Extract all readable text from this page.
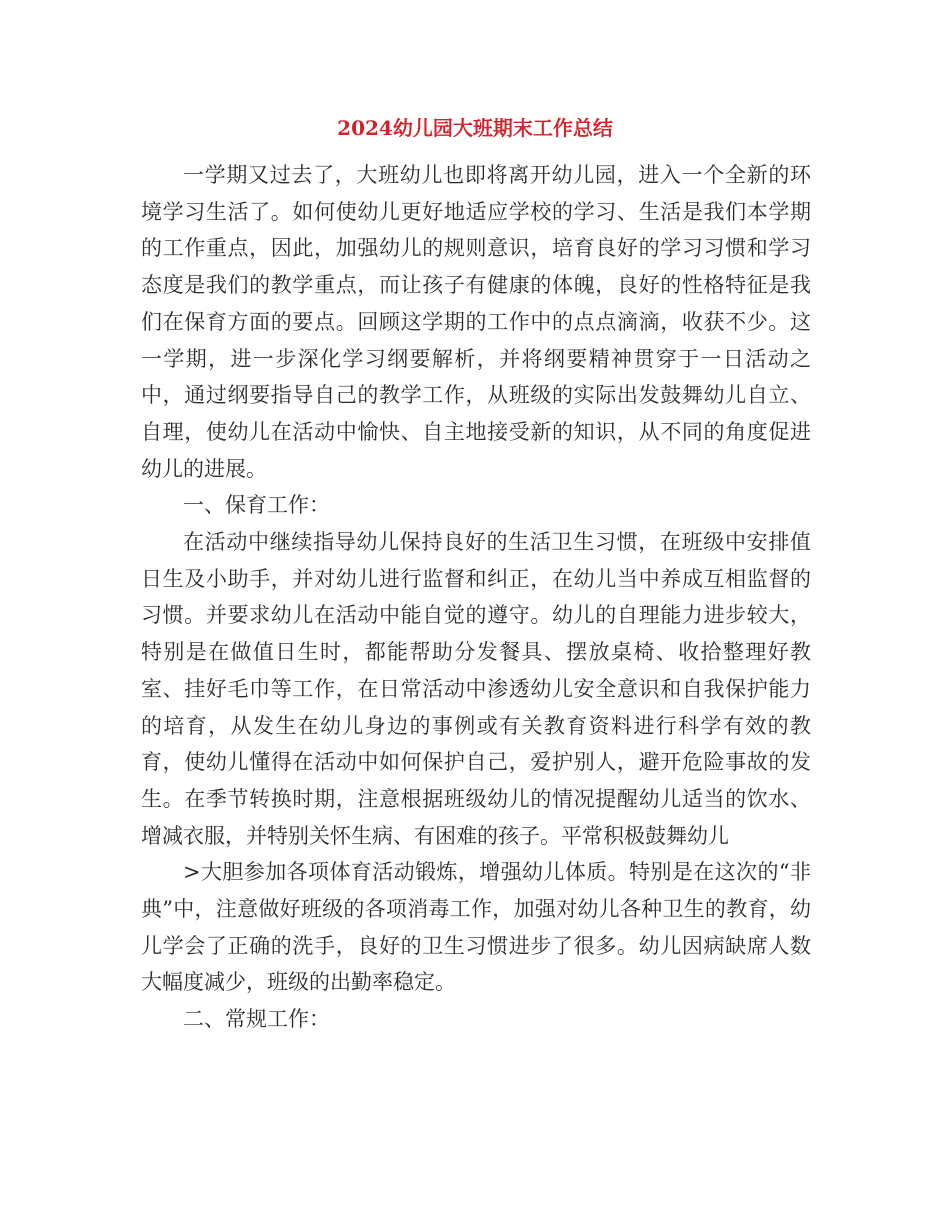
2024幼儿园大班期末工作总结

一学期又过去了，大班幼儿也即将离开幼儿园，进入一个全新的环境学习生活了。如何使幼儿更好地适应学校的学习、生活是我们本学期的工作重点，因此，加强幼儿的规则意识，培育良好的学习习惯和学习态度是我们的教学重点，而让孩子有健康的体魄，良好的性格特征是我们在保育方面的要点。回顾这学期的工作中的点点滴滴，收获不少。这一学期，进一步深化学习纲要解析，并将纲要精神贯穿于一日活动之中，通过纲要指导自己的教学工作，从班级的实际出发鼓舞幼儿自立、自理，使幼儿在活动中愉快、自主地接受新的知识，从不同的角度促进幼儿的进展。

一、保育工作：

在活动中继续指导幼儿保持良好的生活卫生习惯，在班级中安排值日生及小助手，并对幼儿进行监督和纠正，在幼儿当中养成互相监督的习惯。并要求幼儿在活动中能自觉的遵守。幼儿的自理能力进步较大，特别是在做值日生时，都能帮助分发餐具、摆放桌椅、收拾整理好教室、挂好毛巾等工作，在日常活动中渗透幼儿安全意识和自我保护能力的培育，从发生在幼儿身边的事例或有关教育资料进行科学有效的教育，使幼儿懂得在活动中如何保护自己，爱护别人，避开危险事故的发生。在季节转换时期，注意根据班级幼儿的情况提醒幼儿适当的饮水、增减衣服，并特别关怀生病、有困难的孩子。平常积极鼓舞幼儿

>大胆参加各项体育活动锻炼，增强幼儿体质。特别是在这次的“非典”中，注意做好班级的各项消毒工作，加强对幼儿各种卫生的教育，幼儿学会了正确的洗手，良好的卫生习惯进步了很多。幼儿因病缺席人数大幅度减少，班级的出勤率稳定。

二、常规工作：
